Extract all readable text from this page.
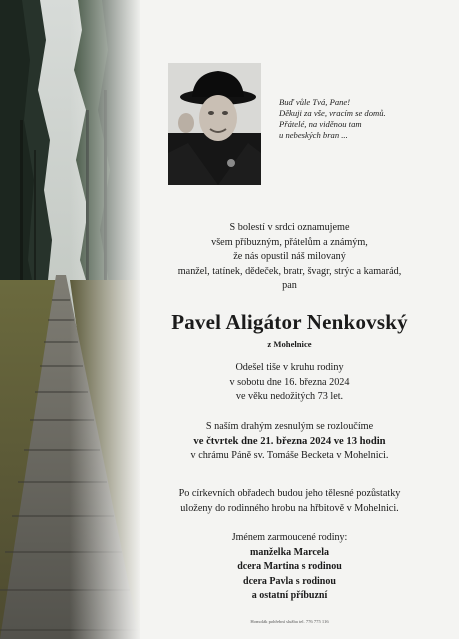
Buď vůle Tvá, Pane!
Děkuji za vše, vracím se domů.
Přátelé, na viděnou tam
u nebeských bran ...
S bolestí v srdci oznamujeme
všem příbuzným, přátelům a známým,
že nás opustil náš milovaný
manžel, tatínek, dědeček, bratr, švagr, strýc a kamarád,
pan
Pavel Aligátor Nenkovský
z Mohelnice
Odešel tiše v kruhu rodiny
v sobotu dne 16. března 2024
ve věku nedožitých 73 let.
S naším drahým zesnulým se rozloučíme
ve čtvrtek dne 21. března 2024 ve 13 hodin
v chrámu Páně sv. Tomáše Becketa v Mohelnici.
Po církevních obřadech budou jeho tělesné pozůstatky
uloženy do rodinného hrobu na hřbitově v Mohelnici.
Jménem zarmoucené rodiny:
manželka Marcela
dcera Martina s rodinou
dcera Pavla s rodinou
a ostatní příbuzní
Homolák pohřební služba tel. 776 775 116
